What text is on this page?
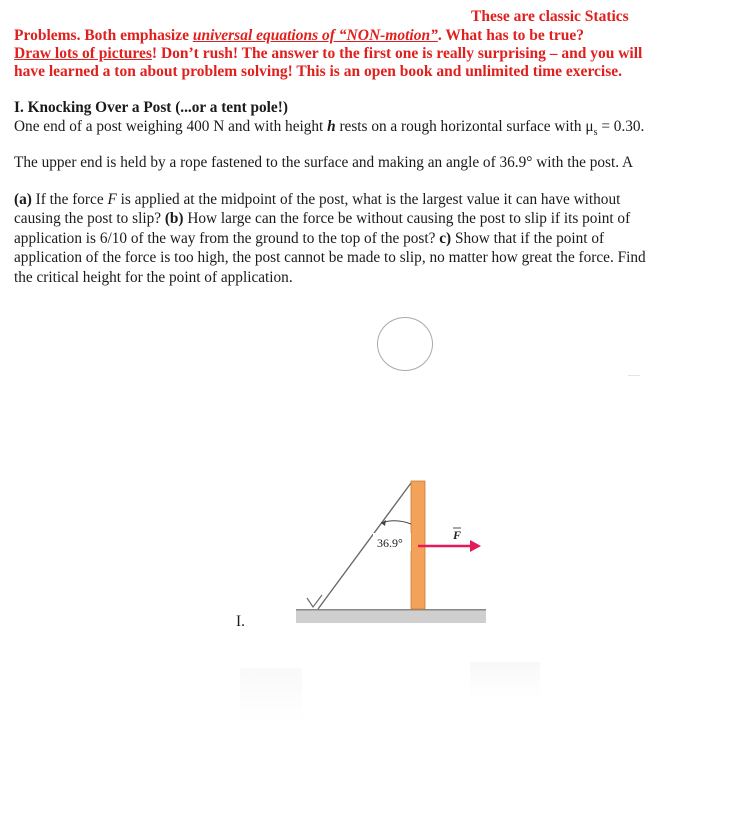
These are classic Statics
Problems. Both emphasize universal equations of “NON-motion”. What has to be true?
Draw lots of pictures! Don’t rush! The answer to the first one is really surprising – and you will
have learned a ton about problem solving! This is an open book and unlimited time exercise.
I. Knocking Over a Post (...or a tent pole!)
One end of a post weighing 400 N and with height h rests on a rough horizontal surface with $\mu_s = 0.30$.
The upper end is held by a rope fastened to the surface and making an angle of 36.9° with the post. A
(a) If the force F is applied at the midpoint of the post, what is the largest value it can have without
causing the post to slip? (b) How large can the force be without causing the post to slip if its point of
application is 6/10 of the way from the ground to the top of the post? c) Show that if the point of
application of the force is too high, the post cannot be made to slip, no matter how great the force. Find
the critical height for the point of application.
36.9°
F
I.
